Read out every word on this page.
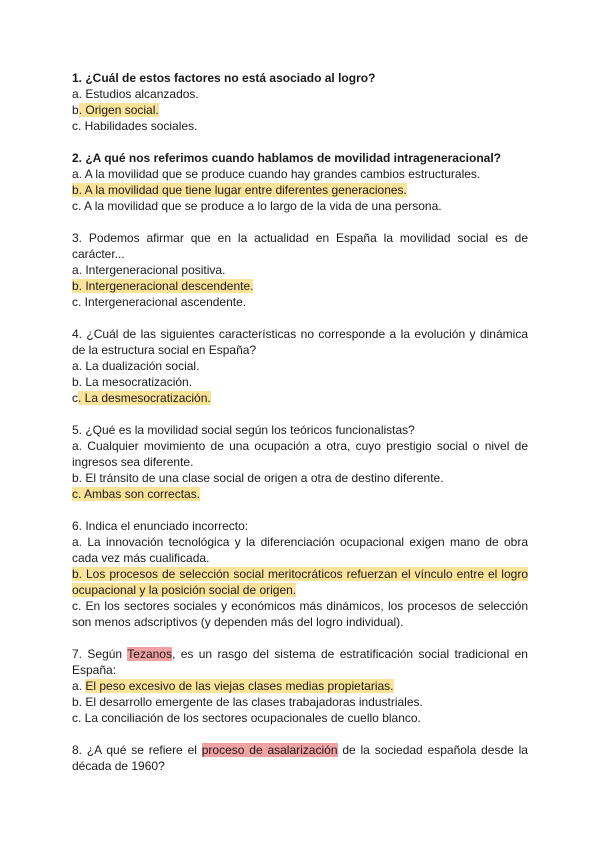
1. ¿Cuál de estos factores no está asociado al logro?
a. Estudios alcanzados.
b. Origen social.
c. Habilidades sociales.
2. ¿A qué nos referimos cuando hablamos de movilidad intrageneracional?
a. A la movilidad que se produce cuando hay grandes cambios estructurales.
b. A la movilidad que tiene lugar entre diferentes generaciones.
c. A la movilidad que se produce a lo largo de la vida de una persona.
3. Podemos afirmar que en la actualidad en España la movilidad social es de carácter...
a. Intergeneracional positiva.
b. Intergeneracional descendente.
c. Intergeneracional ascendente.
4. ¿Cuál de las siguientes características no corresponde a la evolución y dinámica de la estructura social en España?
a. La dualización social.
b. La mesocratización.
c. La desmesocratización.
5. ¿Qué es la movilidad social según los teóricos funcionalistas?
a. Cualquier movimiento de una ocupación a otra, cuyo prestigio social o nivel de ingresos sea diferente.
b. El tránsito de una clase social de origen a otra de destino diferente.
c. Ambas son correctas.
6. Indica el enunciado incorrecto:
a. La innovación tecnológica y la diferenciación ocupacional exigen mano de obra cada vez más cualificada.
b. Los procesos de selección social meritocráticos refuerzan el vínculo entre el logro ocupacional y la posición social de origen.
c. En los sectores sociales y económicos más dinámicos, los procesos de selección son menos adscriptivos (y dependen más del logro individual).
7. Según Tezanos, es un rasgo del sistema de estratificación social tradicional en España:
a. El peso excesivo de las viejas clases medias propietarias.
b. El desarrollo emergente de las clases trabajadoras industriales.
c. La conciliación de los sectores ocupacionales de cuello blanco.
8. ¿A qué se refiere el proceso de asalarización de la sociedad española desde la década de 1960?
